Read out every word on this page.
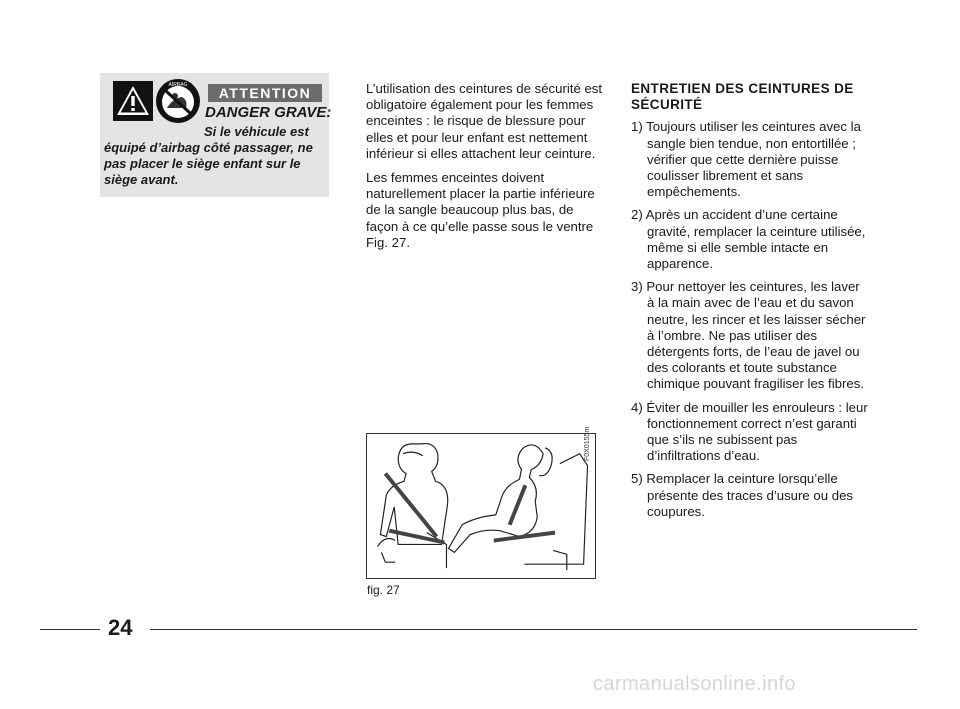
AIRBAG	ATTENTION
DANGER GRAVE:
Si le véhicule est
équipé d’airbag côté passager, ne pas placer le siège enfant sur le siège avant.

L’utilisation des ceintures de sécurité est obligatoire également pour les femmes enceintes : le risque de blessure pour elles et pour leur enfant est nettement inférieur si elles attachent leur ceinture.

Les femmes enceintes doivent naturellement placer la partie inférieure de la sangle beaucoup plus bas, de façon à ce qu’elle passe sous le ventre Fig. 27.

F0X0155m
fig. 27
ENTRETIEN DES CEINTURES DE SÉCURITÉ
1) Toujours utiliser les ceintures avec la sangle bien tendue, non entortillée ; vérifier que cette dernière puisse coulisser librement et sans empêchements.
2) Après un accident d’une certaine gravité, remplacer la ceinture utilisée, même si elle semble intacte en apparence.
3) Pour nettoyer les ceintures, les laver à la main avec de l’eau et du savon neutre, les rincer et les laisser sécher à l’ombre. Ne pas utiliser des détergents forts, de l’eau de javel ou des colorants et toute substance chimique pouvant fragiliser les fibres.
4) Éviter de mouiller les enrouleurs : leur fonctionnement correct n’est garanti que s’ils ne subissent pas d’infiltrations d’eau.
5) Remplacer la ceinture lorsqu’elle présente des traces d’usure ou des coupures.
24
carmanualsonline.info
